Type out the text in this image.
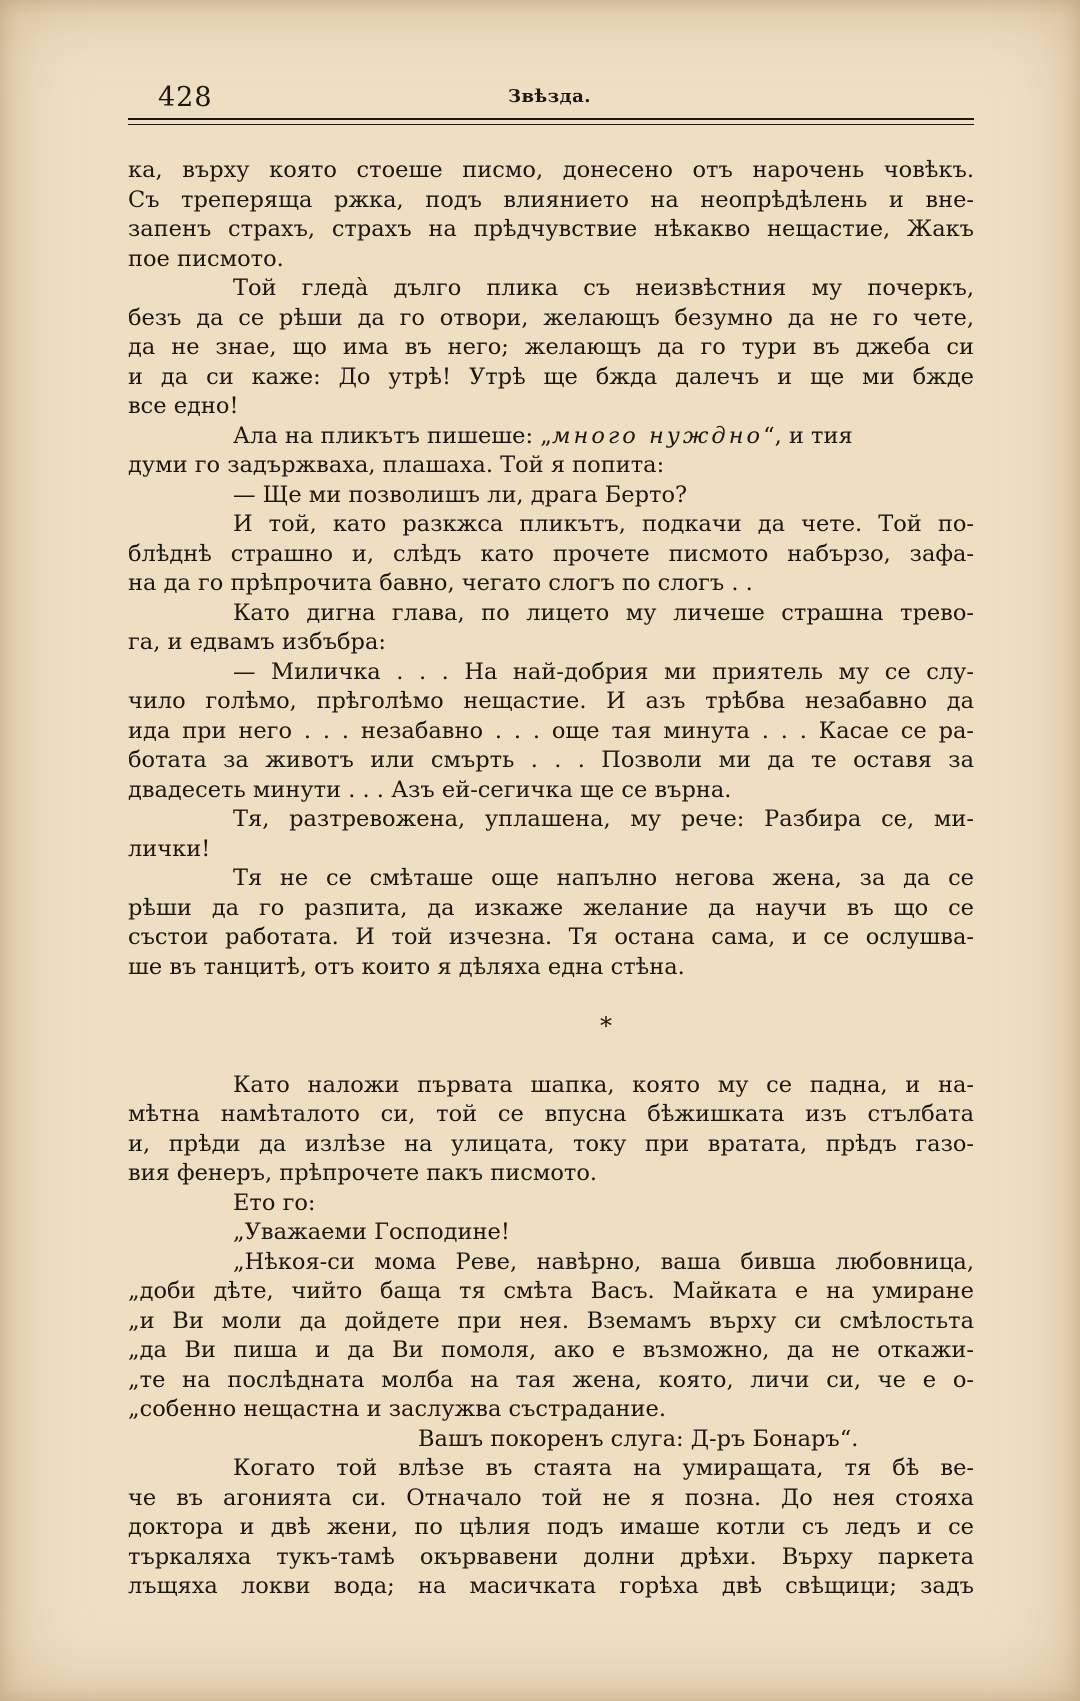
428	Звѣзда.
ка, върху която стоеше писмо, донесено отъ нарочень човѣкъ.
Съ треперяща ржка, подъ влиянието на неопрѣдѣлень и вне-
запенъ страхъ, страхъ на прѣдчувствие нѣкакво нещастие, Жакъ
пое писмото.
Той гледà дълго плика съ неизвѣстния му почеркъ,
безъ да се рѣши да го отвори, желающъ безумно да не го чете,
да не знае, що има въ него; желающъ да го тури въ джеба си
и да си каже: До утрѣ! Утрѣ ще бжда далечъ и ще ми бжде
все едно!
Ала на пликътъ пишеше: „много нуждно“, и тия
думи го задържваха, плашаха. Той я попита:
— Ще ми позволишъ ли, драга Берто?
И той, като разкжса пликътъ, подкачи да чете. Той по-
блѣднѣ страшно и, слѣдъ като прочете писмото набързо, зафа-
на да го прѣпрочита бавно, чегато слогъ по слогъ . .
Като дигна глава, по лицето му личеше страшна трево-
га, и едвамъ избъбра:
— Миличка . . . На най-добрия ми приятель му се слу-
чило голѣмо, прѣголѣмо нещастие. И азъ трѣбва незабавно да
ида при него . . . незабавно . . . още тая минута . . . Касае се ра-
ботата за животъ или смърть . . . Позволи ми да те оставя за
двадесеть минути . . . Азъ ей-сегичка ще се върна.
Тя, разтревожена, уплашена, му рече: Разбира се, ми-
лички!
Тя не се смѣташе още напълно негова жена, за да се
рѣши да го разпита, да изкаже желание да научи въ що се
състои работата. И той изчезна. Тя остана сама, и се ослушва-
ше въ танцитѣ, отъ които я дѣляха една стѣна.
*
Като наложи първата шапка, която му се падна, и на-
мѣтна намѣталото си, той се впусна бѣжишката изъ стълбата
и, прѣди да излѣзе на улицата, току при вратата, прѣдъ газо-
вия фенеръ, прѣпрочете пакъ писмото.
Ето го:
„Уважаеми Господине!
„Нѣкоя-си мома Реве, навѣрно, ваша бивша любовница,
„доби дѣте, чийто баща тя смѣта Васъ. Майката е на умиране
„и Ви моли да дойдете при нея. Вземамъ върху си смѣлостьта
„да Ви пиша и да Ви помоля, ако е възможно, да не откажи-
„те на послѣдната молба на тая жена, която, личи си, че е о-
„собенно нещастна и заслужва състрадание.
Вашъ покоренъ слуга: Д-ръ Бонаръ“.
Когато той влѣзе въ стаята на умиращата, тя бѣ ве-
че въ агонията си. Отначало той не я позна. До нея стояха
доктора и двѣ жени, по цѣлия подъ имаше котли съ ледъ и се
търкаляха тукъ-тамѣ окървавени долни дрѣхи. Върху паркета
лъщяха локви вода; на масичката горѣха двѣ свѣщици; задъ
